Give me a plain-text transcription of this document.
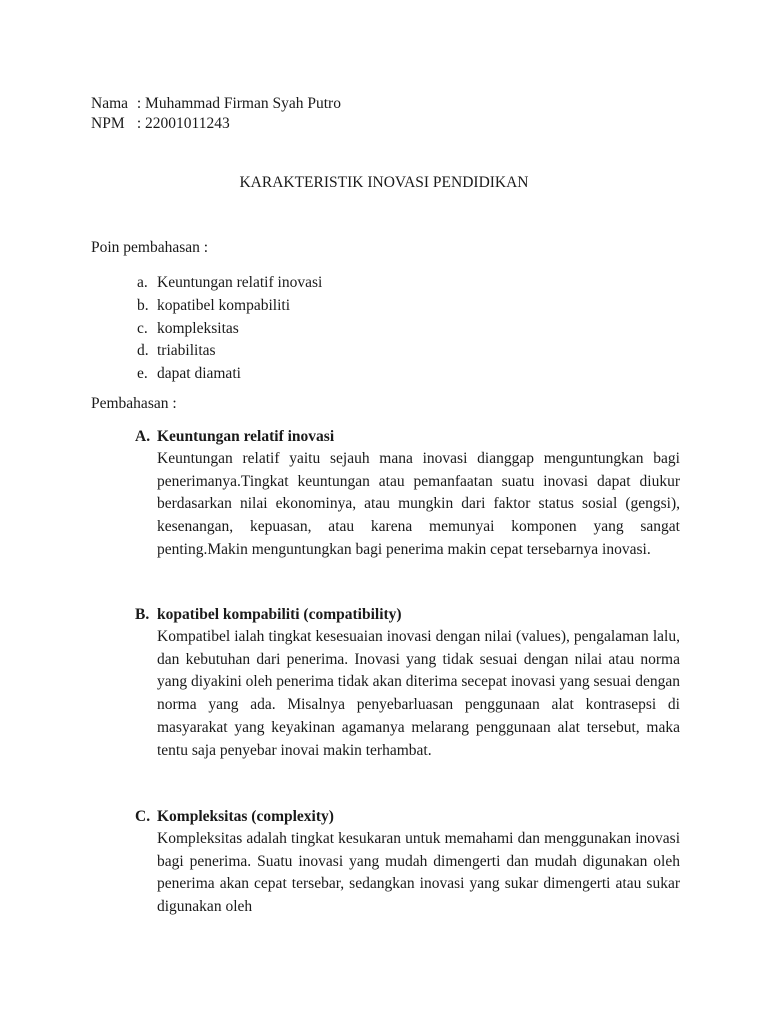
Nama : Muhammad Firman Syah Putro
NPM : 22001011243
KARAKTERISTIK INOVASI PENDIDIKAN
Poin pembahasan :
a. Keuntungan relatif inovasi
b. kopatibel kompabiliti
c. kompleksitas
d. triabilitas
e. dapat diamati
Pembahasan :
A. Keuntungan relatif inovasi
Keuntungan relatif yaitu sejauh mana inovasi dianggap menguntungkan bagi penerimanya.Tingkat keuntungan atau pemanfaatan suatu inovasi dapat diukur berdasarkan nilai ekonominya, atau mungkin dari faktor status sosial (gengsi), kesenangan, kepuasan, atau karena memunyai komponen yang sangat penting.Makin menguntungkan bagi penerima makin cepat tersebarnya inovasi.
B. kopatibel kompabiliti (compatibility)
Kompatibel ialah tingkat kesesuaian inovasi dengan nilai (values), pengalaman lalu, dan kebutuhan dari penerima. Inovasi yang tidak sesuai dengan nilai atau norma yang diyakini oleh penerima tidak akan diterima secepat inovasi yang sesuai dengan norma yang ada. Misalnya penyebarluasan penggunaan alat kontrasepsi di masyarakat yang keyakinan agamanya melarang penggunaan alat tersebut, maka tentu saja penyebar inovai makin terhambat.
C. Kompleksitas (complexity)
Kompleksitas adalah tingkat kesukaran untuk memahami dan menggunakan inovasi bagi penerima. Suatu inovasi yang mudah dimengerti dan mudah digunakan oleh penerima akan cepat tersebar, sedangkan inovasi yang sukar dimengerti atau sukar digunakan oleh
